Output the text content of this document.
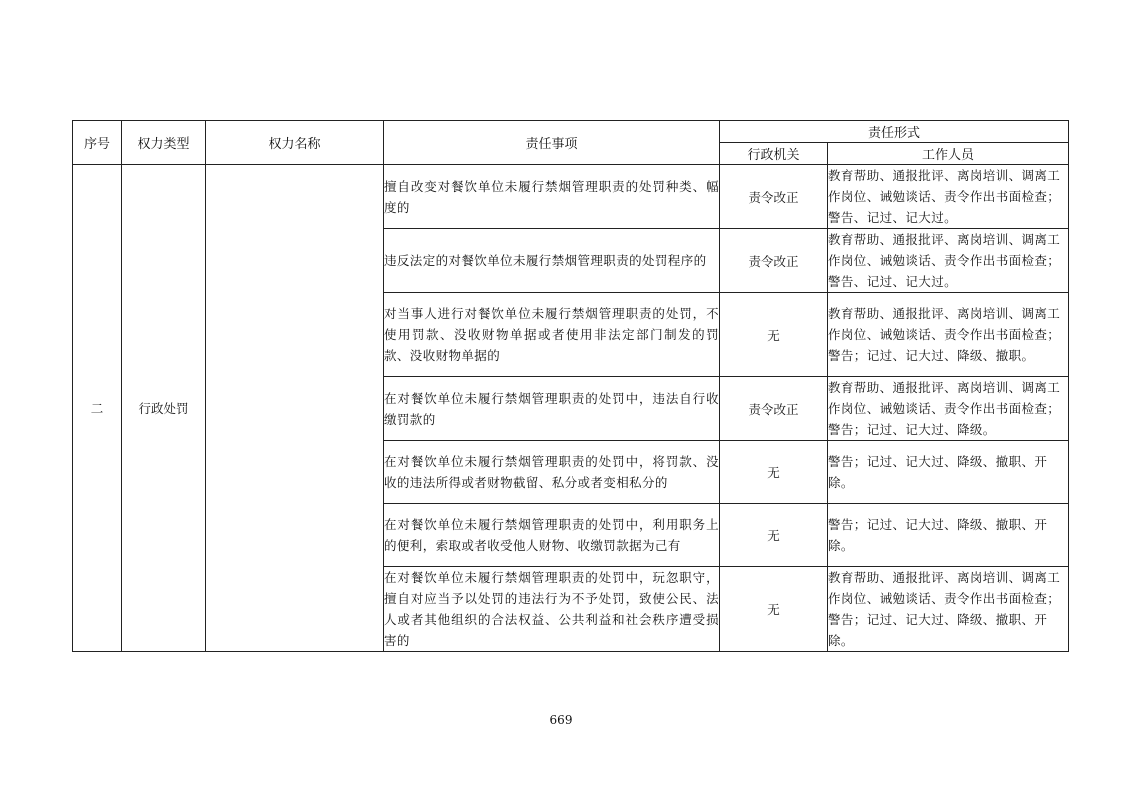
序号	权力类型	权力名称	责任事项	责任形式	
				行政机关	工作人员
二	行政处罚		擅自改变对餐饮单位未履行禁烟管理职责的处罚种类、幅度的	责令改正	教育帮助、通报批评、离岗培训、调离工作岗位、诫勉谈话、责令作出书面检查；警告、记过、记大过。
			违反法定的对餐饮单位未履行禁烟管理职责的处罚程序的	责令改正	教育帮助、通报批评、离岗培训、调离工作岗位、诫勉谈话、责令作出书面检查；警告、记过、记大过。
			对当事人进行对餐饮单位未履行禁烟管理职责的处罚，不使用罚款、没收财物单据或者使用非法定部门制发的罚款、没收财物单据的	无	教育帮助、通报批评、离岗培训、调离工作岗位、诫勉谈话、责令作出书面检查；警告；记过、记大过、降级、撤职。
			在对餐饮单位未履行禁烟管理职责的处罚中，违法自行收缴罚款的	责令改正	教育帮助、通报批评、离岗培训、调离工作岗位、诫勉谈话、责令作出书面检查；警告；记过、记大过、降级。
			在对餐饮单位未履行禁烟管理职责的处罚中，将罚款、没收的违法所得或者财物截留、私分或者变相私分的	无	警告；记过、记大过、降级、撤职、开除。
			在对餐饮单位未履行禁烟管理职责的处罚中，利用职务上的便利，索取或者收受他人财物、收缴罚款据为己有	无	警告；记过、记大过、降级、撤职、开除。
			在对餐饮单位未履行禁烟管理职责的处罚中，玩忽职守，擅自对应当予以处罚的违法行为不予处罚，致使公民、法人或者其他组织的合法权益、公共利益和社会秩序遭受损害的	无	教育帮助、通报批评、离岗培训、调离工作岗位、诫勉谈话、责令作出书面检查；警告；记过、记大过、降级、撤职、开除。
669
